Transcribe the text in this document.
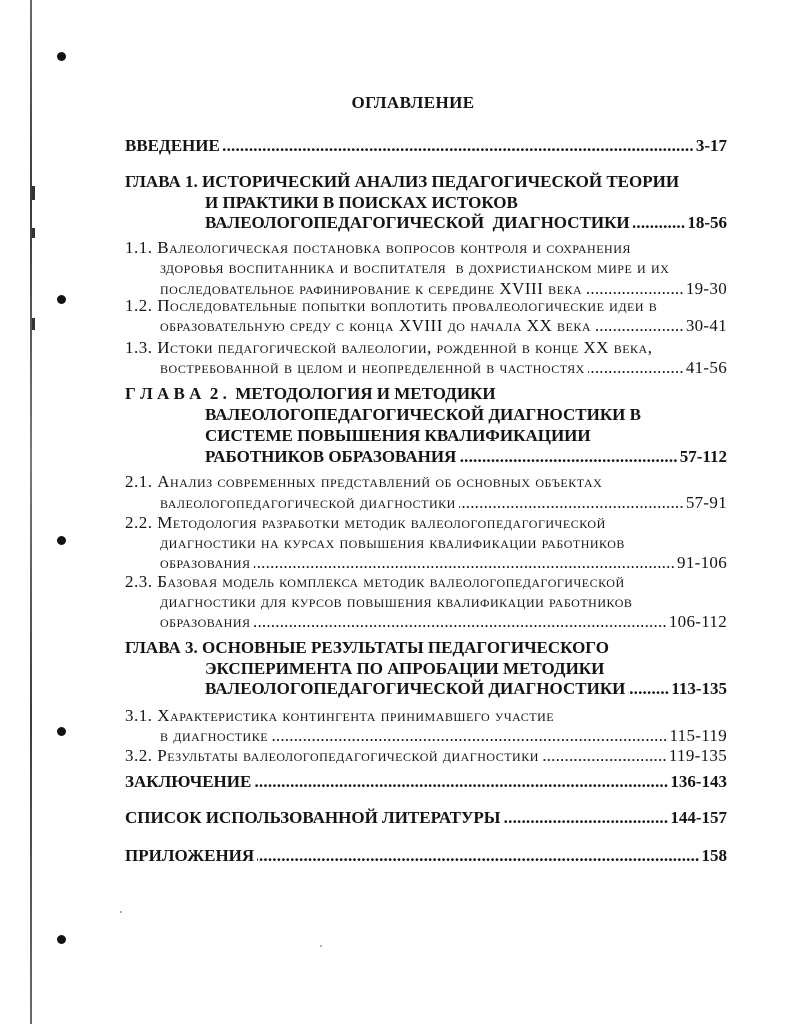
ОГЛАВЛЕНИЕ
ВВЕДЕНИЕ .....	3-17
ГЛАВА 1. ИСТОРИЧЕСКИЙ АНАЛИЗ ПЕДАГОГИЧЕСКОЙ ТЕОРИИ
И ПРАКТИКИ В ПОИСКАХ ИСТОКОВ
ВАЛЕОЛОГОПЕДАГОГИЧЕСКОЙ  ДИАГНОСТИКИ .....	18-56
1.1. Валеологическая постановка вопросов контроля и сохранения
здоровья воспитанника и воспитателя  в дохристианском мире и их
последовательное рафинирование к середине XVIII века .....	19-30
1.2. Последовательные попытки воплотить провалеологические идеи в
образовательную среду с конца XVIII до начала XX века .....	30-41
1.3. Истоки педагогической валеологии, рожденной в конце XX века,
востребованной в целом и неопределенной в частностях .....	41-56
Г Л А В А  2 .  МЕТОДОЛОГИЯ И МЕТОДИКИ
ВАЛЕОЛОГОПЕДАГОГИЧЕСКОЙ ДИАГНОСТИКИ В
СИСТЕМЕ ПОВЫШЕНИЯ КВАЛИФИКАЦИИИ
РАБОТНИКОВ ОБРАЗОВАНИЯ .....	57-112
2.1. Анализ современных представлений об основных объектах
валеологопедагогической диагностики .....	57-91
2.2. Методология разработки методик валеологопедагогической
диагностики на курсах повышения квалификации работников
образования .....	91-106
2.3. Базовая модель комплекса методик валеологопедагогической
диагностики для курсов повышения квалификации работников
образования .....	106-112
ГЛАВА 3. ОСНОВНЫЕ РЕЗУЛЬТАТЫ ПЕДАГОГИЧЕСКОГО
ЭКСПЕРИМЕНТА ПО АПРОБАЦИИ МЕТОДИКИ
ВАЛЕОЛОГОПЕДАГОГИЧЕСКОЙ ДИАГНОСТИКИ .....	113-135
3.1. Характеристика контингента принимавшего участие
в диагностике .....	115-119
3.2. Результаты валеологопедагогической диагностики .....	119-135
ЗАКЛЮЧЕНИЕ .....	136-143
СПИСОК ИСПОЛЬЗОВАННОЙ ЛИТЕРАТУРЫ .....	144-157
ПРИЛОЖЕНИЯ .....	158
